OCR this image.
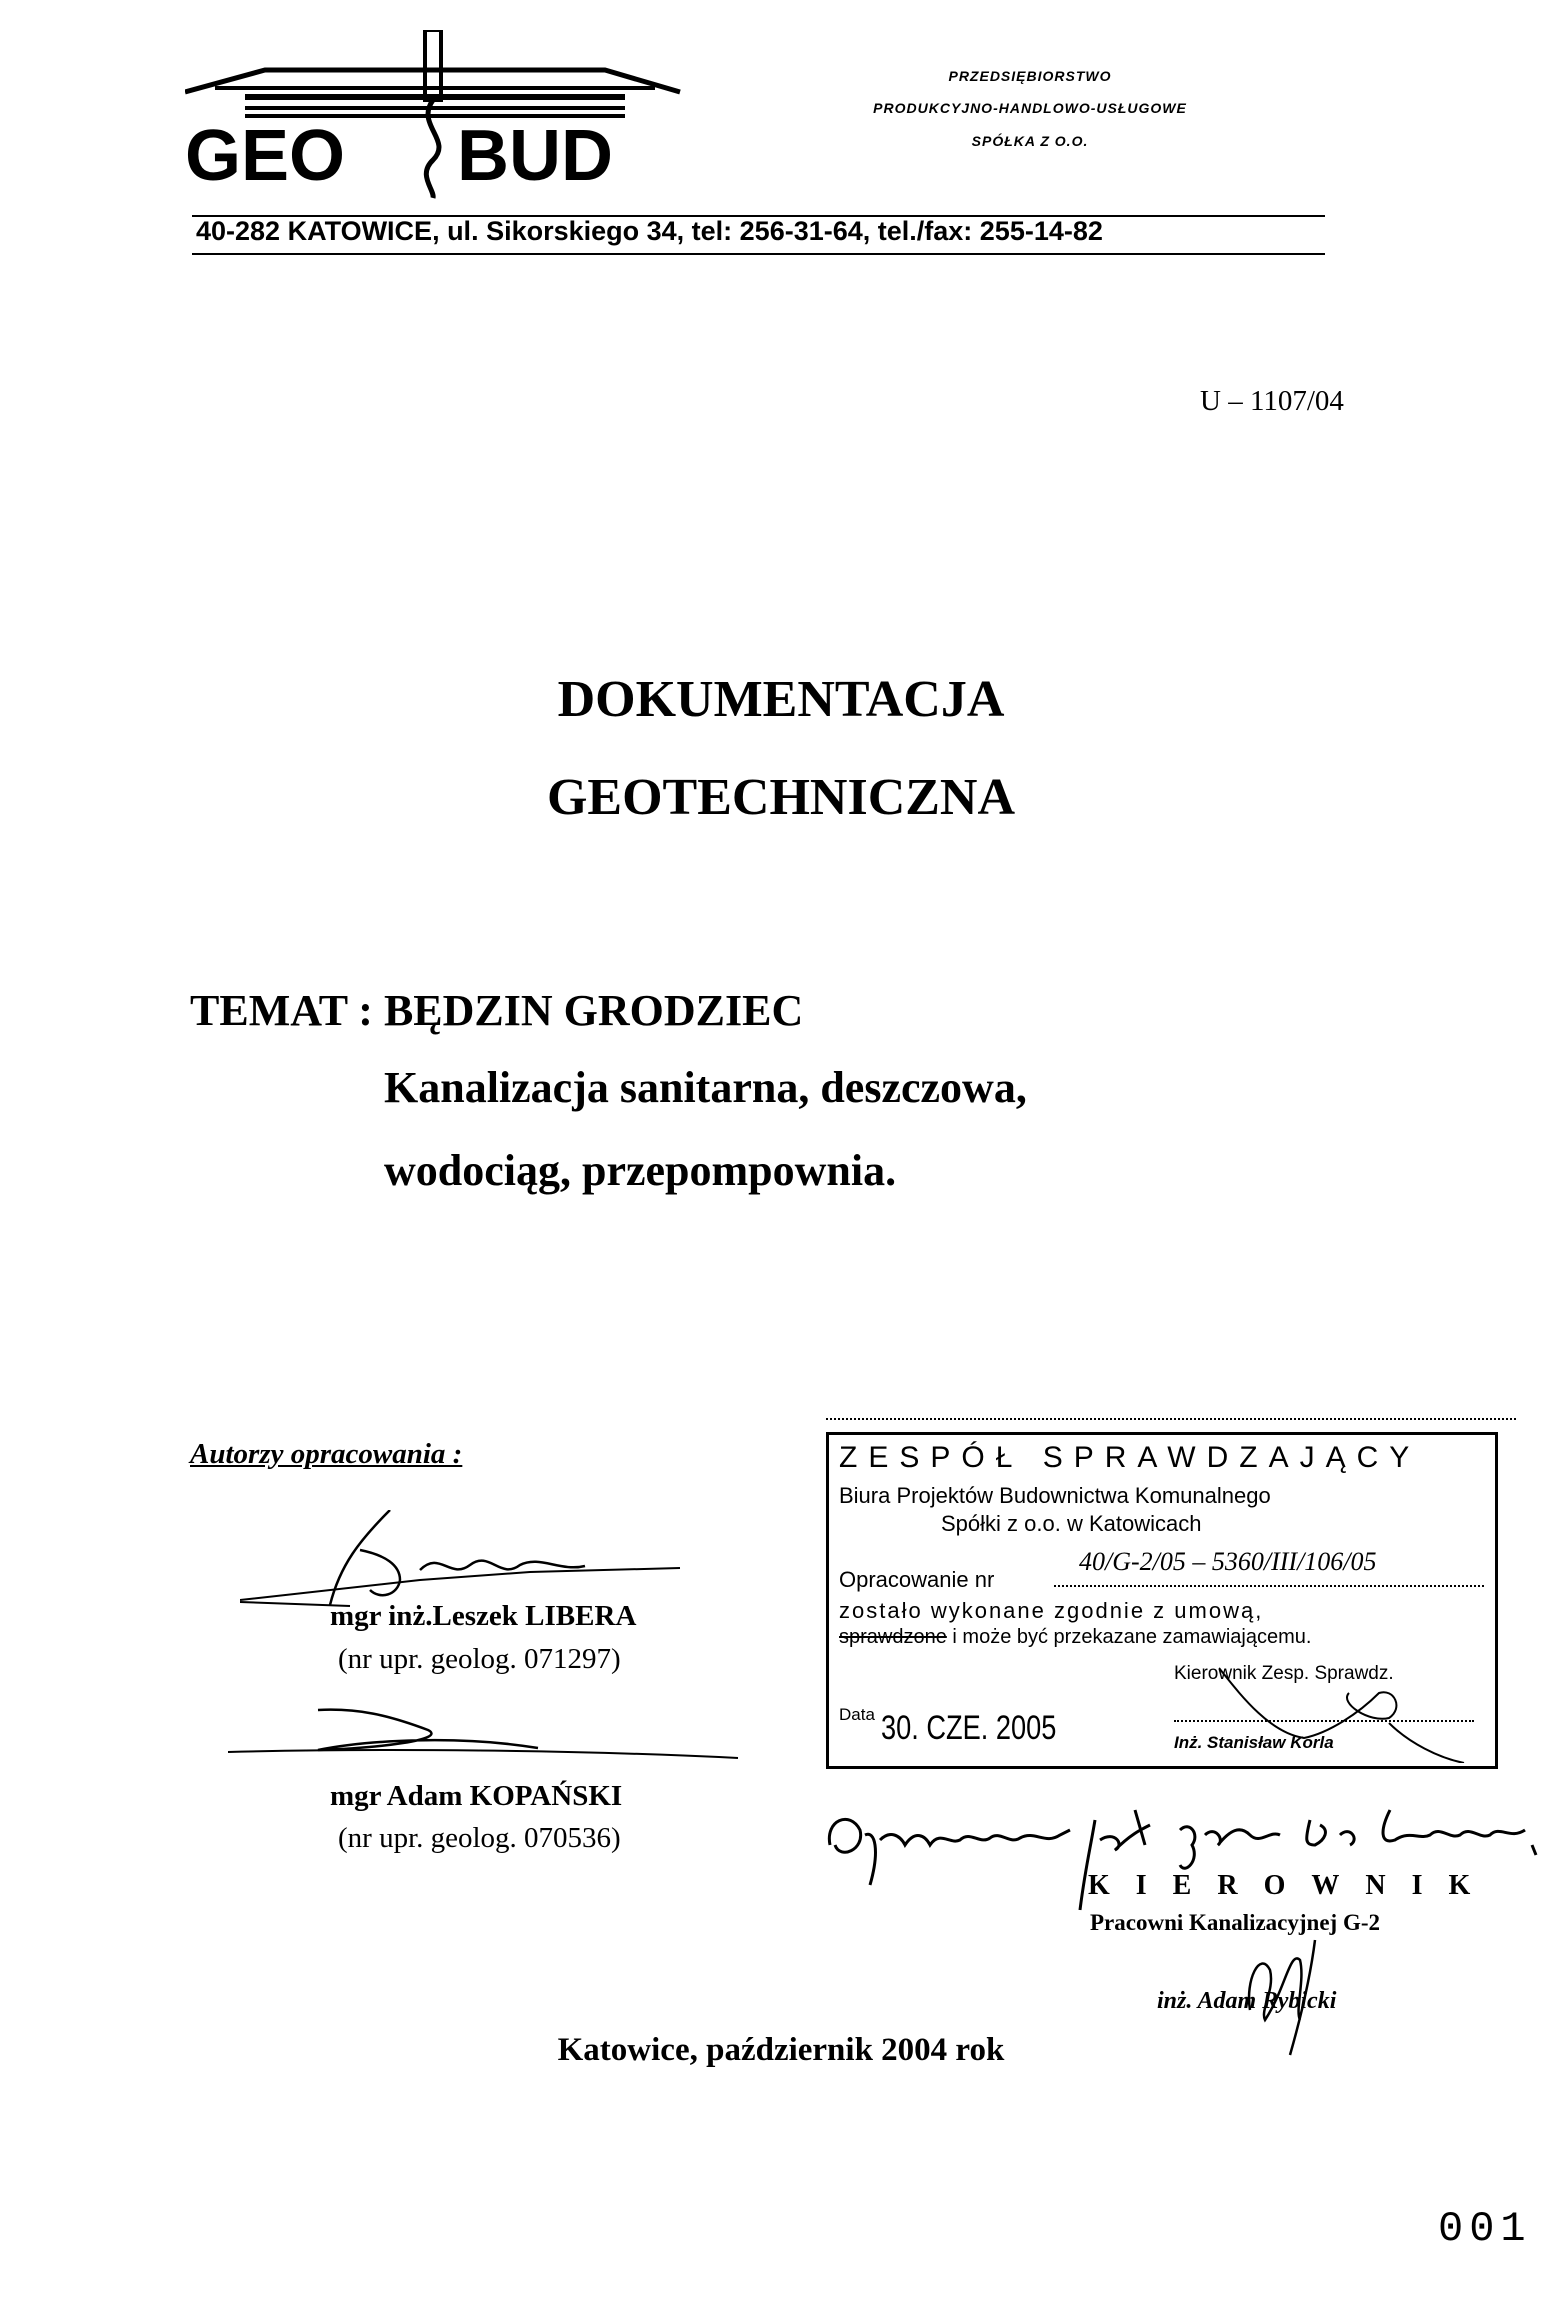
GEO BUD
PRZEDSIĘBIORSTWO
PRODUKCYJNO-HANDLOWO-USŁUGOWE
SPÓŁKA Z O.O.
40-282 KATOWICE, ul. Sikorskiego 34, tel: 256-31-64, tel./fax: 255-14-82
U – 1107/04
DOKUMENTACJA
GEOTECHNICZNA
TEMAT : BĘDZIN GRODZIEC
Kanalizacja sanitarna, deszczowa,
wodociąg, przepompownia.
Autorzy opracowania :
mgr inż.Leszek LIBERA
(nr upr. geolog. 071297)
mgr Adam KOPAŃSKI
(nr upr. geolog. 070536)
ZESPÓŁ SPRAWDZAJĄCY
Biura Projektów Budownictwa Komunalnego
Spółki z o.o. w Katowicach
Opracowanie nr
40/G-2/05 – 5360/III/106/05
zostało wykonane zgodnie z umową,
sprawdzone i może być przekazane zamawiającemu.
Kierownik Zesp. Sprawdz.
Data 30. CZE. 2005	Inż. Stanisław Korla
KIEROWNIK
Pracowni Kanalizacyjnej G-2
inż. Adam Rybicki
Katowice, październik 2004 rok
001
